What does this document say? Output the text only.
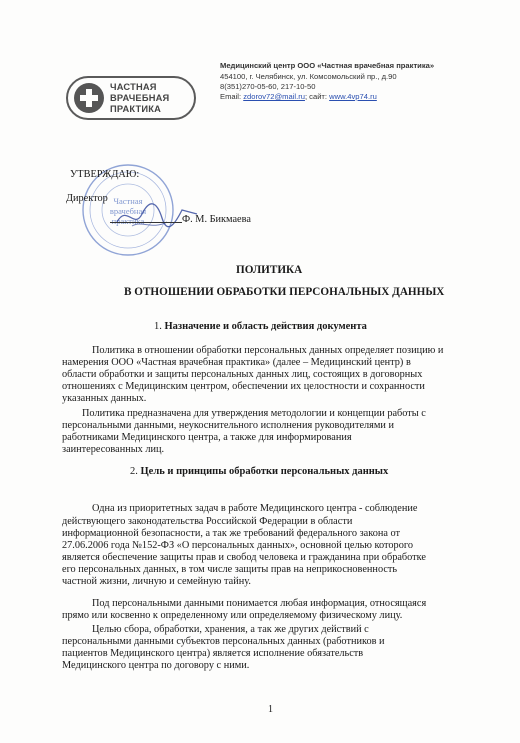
ЧАСТНАЯ
ВРАЧЕБНАЯ
ПРАКТИКА
Медицинский центр ООО «Частная врачебная практика»
454100, г. Челябинск, ул. Комсомольский пр., д.90
8(351)270-05-60, 217-10-50
Email: zdorov72@mail.ru; сайт: www.4vp74.ru
Частная
врачебная
практика
УТВЕРЖДАЮ:
Директор
Ф. М. Бикмаева
ПОЛИТИКА
В ОТНОШЕНИИ ОБРАБОТКИ ПЕРСОНАЛЬНЫХ ДАННЫХ
1. Назначение и область действия документа
Политика в отношении обработки персональных данных определяет позицию и
намерения ООО «Частная врачебная практика» (далее – Медицинский центр) в
области обработки и защиты персональных данных лиц, состоящих в договорных
отношениях с Медицинским центром, обеспечении их целостности и сохранности
указанных данных.
Политика предназначена для утверждения методологии и концепции работы с
персональными данными, неукоснительного исполнения руководителями и
работниками Медицинского центра, а также для информирования
заинтересованных лиц.
2. Цель и принципы обработки персональных данных
Одна из приоритетных задач в работе Медицинского центра - соблюдение
действующего законодательства Российской Федерации в области
информационной безопасности, а так же требований федерального закона от
27.06.2006 года №152-ФЗ «О персональных данных», основной целью которого
является обеспечение защиты прав и свобод человека и гражданина при обработке
его персональных данных, в том числе защиты прав на неприкосновенность
частной жизни, личную и семейную тайну.
Под персональными данными понимается любая информация, относящаяся
прямо или косвенно к определенному или определяемому физическому лицу.
Целью сбора, обработки, хранения, а так же других действий с
персональными данными субъектов персональных данных (работников и
пациентов Медицинского центра) является исполнение обязательств
Медицинского центра по договору с ними.
1
